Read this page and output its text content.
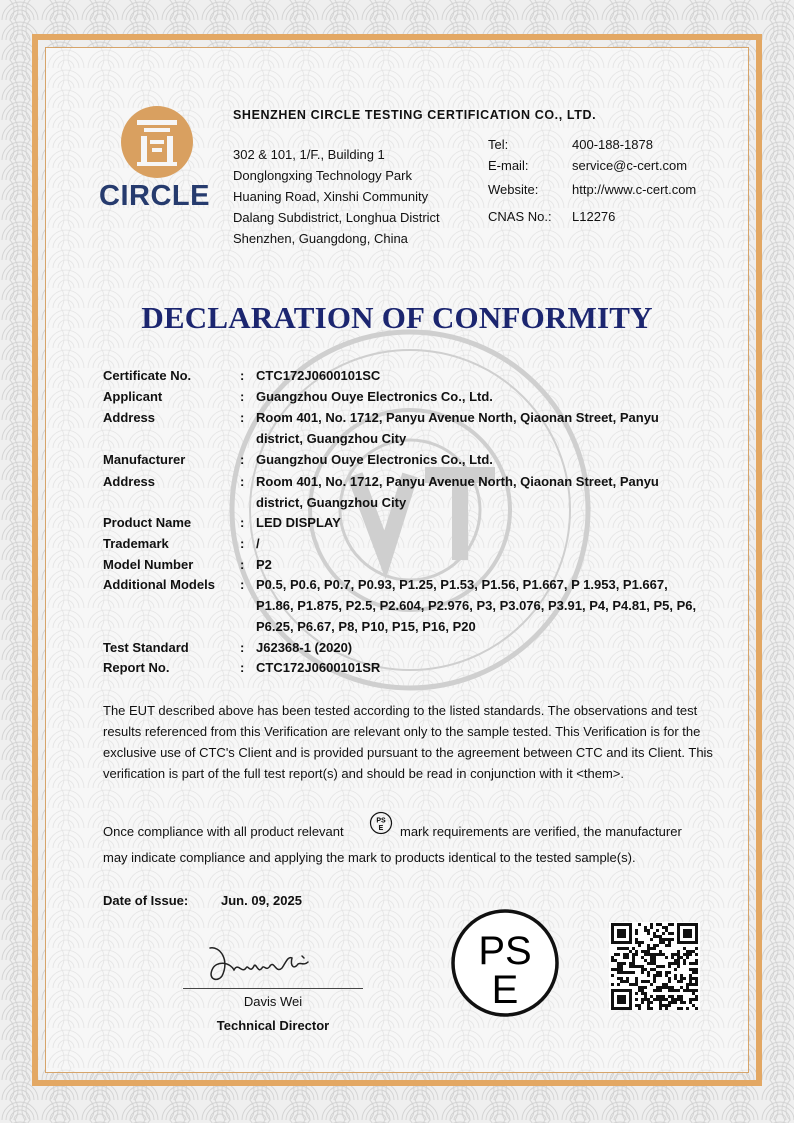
CIRCLE
SHENZHEN CIRCLE TESTING CERTIFICATION CO., LTD.
302 & 101, 1/F., Building 1
Donglongxing Technology Park
Huaning Road, Xinshi Community
Dalang Subdistrict, Longhua District
Shenzhen, Guangdong, China
Tel:	400-188-1878
E-mail:	service@c-cert.com
Website:	http://www.c-cert.com
CNAS No.: L12276
DECLARATION OF CONFORMITY
Certificate No.	: CTC172J0600101SC
Applicant	: Guangzhou Ouye Electronics Co., Ltd.
Address	: Room 401, No. 1712, Panyu Avenue North, Qiaonan Street, Panyu district, Guangzhou City
Manufacturer	: Guangzhou Ouye Electronics Co., Ltd.
Address	: Room 401, No. 1712, Panyu Avenue North, Qiaonan Street, Panyu district, Guangzhou City
Product Name	: LED DISPLAY
Trademark	: /
Model Number	: P2
Additional Models : P0.5, P0.6, P0.7, P0.93, P1.25, P1.53, P1.56, P1.667, P 1.953, P1.667, P1.86, P1.875, P2.5, P2.604, P2.976, P3, P3.076, P3.91, P4, P4.81, P5, P6, P6.25, P6.67, P8, P10, P15, P16, P20
Test Standard	: J62368-1 (2020)
Report No.	: CTC172J0600101SR
The EUT described above has been tested according to the listed standards. The observations and test results referenced from this Verification are relevant only to the sample tested. This Verification is for the exclusive use of CTC's Client and is provided pursuant to the agreement between CTC and its Client. This verification is part of the full test report(s) and should be read in conjunction with it <them>.
Once compliance with all product relevant
PS
E mark requirements are verified, the manufacturer
may indicate compliance and applying the mark to products identical to the tested sample(s).
Date of Issue:	Jun. 09, 2025
Davis Wei
Technical Director
PS
E
